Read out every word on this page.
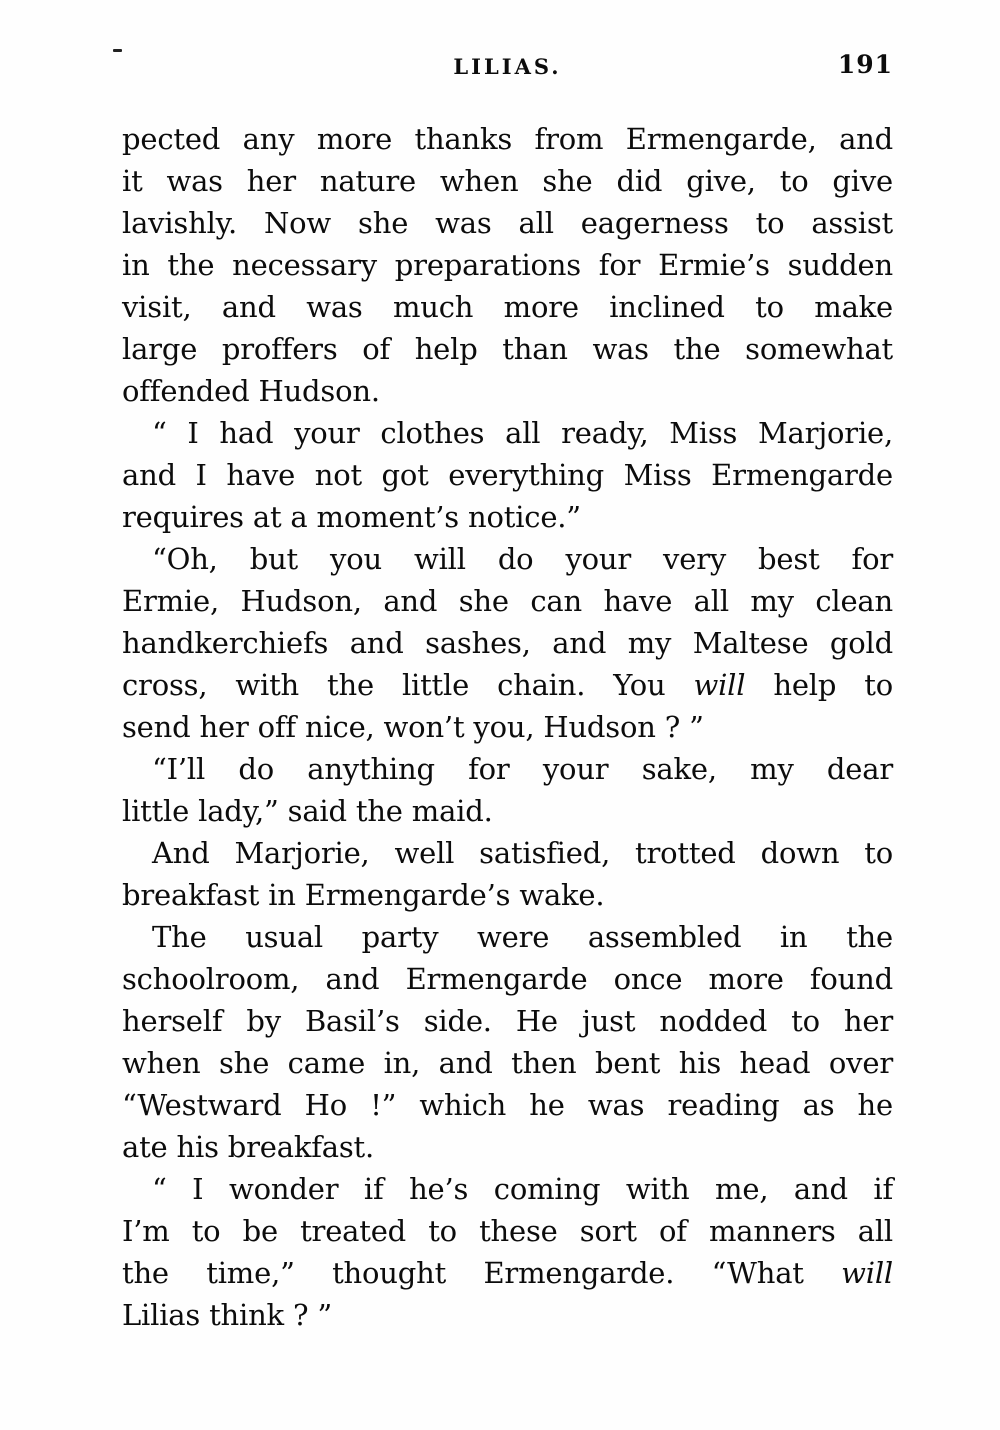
LILIAS.	191
pected any more thanks from Ermengarde, and
it was her nature when she did give, to give
lavishly. Now she was all eagerness to assist
in the necessary preparations for Ermie’s sudden
visit, and was much more inclined to make
large proffers of help than was the somewhat
offended Hudson.
“ I had your clothes all ready, Miss Marjorie,
and I have not got everything Miss Ermengarde
requires at a moment’s notice.”
“Oh, but you will do your very best for
Ermie, Hudson, and she can have all my clean
handkerchiefs and sashes, and my Maltese gold
cross, with the little chain. You will help to
send her off nice, won’t you, Hudson ? ”
“I’ll do anything for your sake, my dear
little lady,” said the maid.
And Marjorie, well satisfied, trotted down to
breakfast in Ermengarde’s wake.
The usual party were assembled in the
schoolroom, and Ermengarde once more found
herself by Basil’s side. He just nodded to her
when she came in, and then bent his head over
“Westward Ho !” which he was reading as he
ate his breakfast.
“ I wonder if he’s coming with me, and if
I’m to be treated to these sort of manners all
the time,” thought Ermengarde. “What will
Lilias think ? ”
